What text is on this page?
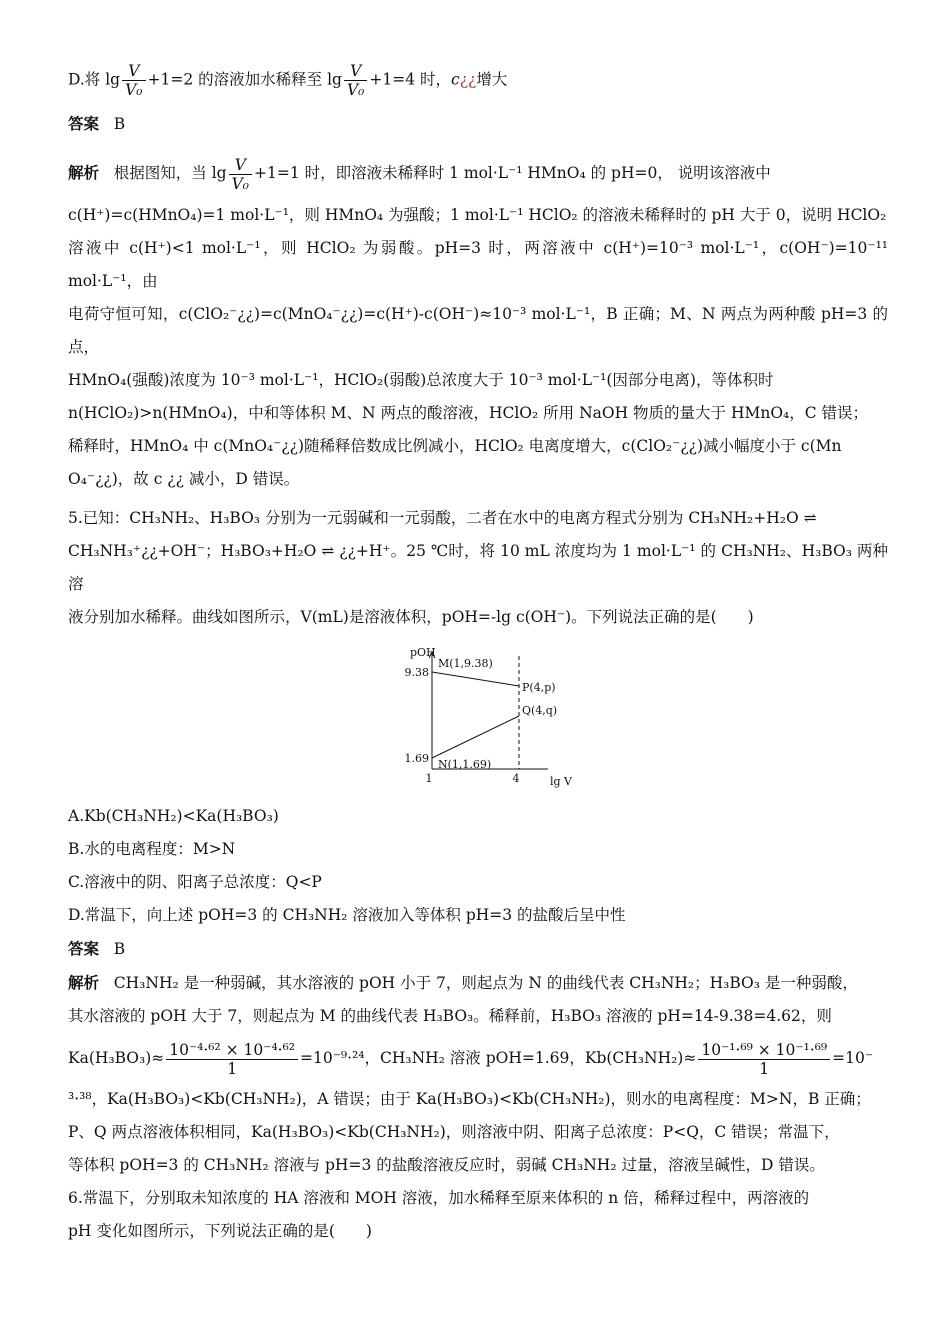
D.将 $\lg \frac{V}{\text{V₀}} +1=2$ 的溶液加水稀释至 $\lg \frac{V}{\text{V₀}} +1=4$ 时，c¿¿增大
答案 B
解析 根据图知，当 $\lg \frac{V}{\text{V₀}} +1=1$ 时，即溶液未稀释时 1 mol·L⁻¹ HMnO₄ 的 pH=0， 说明该溶液中
c(H⁺)=c(HMnO₄)=1 mol·L⁻¹，则 HMnO₄ 为强酸；1 mol·L⁻¹ HClO₂ 的溶液未稀释时的 pH 大于 0，说明 HClO₂
溶液中 c(H⁺)<1 mol·L⁻¹，则 HClO₂ 为弱酸。pH=3 时，两溶液中 c(H⁺)=10⁻³ mol·L⁻¹，c(OH⁻)=10⁻¹¹ mol·L⁻¹，由
电荷守恒可知，c(ClO₂⁻¿¿)=c(MnO₄⁻¿¿)=c(H⁺)-c(OH⁻)≈10⁻³ mol·L⁻¹，B 正确；M、N 两点为两种酸 pH=3 的点，
HMnO₄(强酸)浓度为 10⁻³ mol·L⁻¹，HClO₂(弱酸)总浓度大于 10⁻³ mol·L⁻¹(因部分电离)，等体积时
n(HClO₂)>n(HMnO₄)，中和等体积 M、N 两点的酸溶液，HClO₂ 所用 NaOH 物质的量大于 HMnO₄，C 错误；
稀释时，HMnO₄ 中 c(MnO₄⁻¿¿)随稀释倍数成比例减小，HClO₂ 电离度增大，c(ClO₂⁻¿¿)减小幅度小于 c(Mn
O₄⁻¿¿)，故 c ¿¿ 减小，D 错误。
5.已知：CH₃NH₂、H₃BO₃ 分别为一元弱碱和一元弱酸，二者在水中的电离方程式分别为 CH₃NH₂+H₂O ⇌
CH₃NH₃⁺¿¿+OH⁻；H₃BO₃+H₂O ⇌ ¿¿+H⁺。25 ℃时，将 10 mL 浓度均为 1 mol·L⁻¹ 的 CH₃NH₂、H₃BO₃ 两种溶
液分别加水稀释。曲线如图所示，V(mL)是溶液体积，pOH=-lg c(OH⁻)。下列说法正确的是(　　)
pOH
lg V
1	4
9.38
1.69
M(1,9.38)
P(4,p)
Q(4,q)
N(1,1.69)
A.Kb(CH₃NH₂)<Ka(H₃BO₃)
B.水的电离程度：M>N
C.溶液中的阴、阳离子总浓度：Q<P
D.常温下，向上述 pOH=3 的 CH₃NH₂ 溶液加入等体积 pH=3 的盐酸后呈中性
答案 B
解析 CH₃NH₂ 是一种弱碱，其水溶液的 pOH 小于 7，则起点为 N 的曲线代表 CH₃NH₂；H₃BO₃ 是一种弱酸，
其水溶液的 pOH 大于 7，则起点为 M 的曲线代表 H₃BO₃。稀释前，H₃BO₃ 溶液的 pH=14-9.38=4.62，则
$Ka(H_3BO_3)\approx \frac{\text{10⁻⁴·⁶² × 10⁻⁴·⁶²}}{1} =10^{-9}\cdot^{24}$，CH₃NH₂ 溶液 pOH=1.69，$Kb(CH_3NH_2)\approx \frac{\text{10⁻¹·⁶⁹ × 10⁻¹·⁶⁹}}{1} =10^-$
³·³⁸，Ka(H₃BO₃)<Kb(CH₃NH₂)，A 错误；由于 Ka(H₃BO₃)<Kb(CH₃NH₂)，则水的电离程度：M>N，B 正确；
P、Q 两点溶液体积相同，Ka(H₃BO₃)<Kb(CH₃NH₂)，则溶液中阴、阳离子总浓度：P<Q，C 错误；常温下，
等体积 pOH=3 的 CH₃NH₂ 溶液与 pH=3 的盐酸溶液反应时，弱碱 CH₃NH₂ 过量，溶液呈碱性，D 错误。
6.常温下，分别取未知浓度的 HA 溶液和 MOH 溶液，加水稀释至原来体积的 n 倍，稀释过程中，两溶液的
pH 变化如图所示，下列说法正确的是(　　)
